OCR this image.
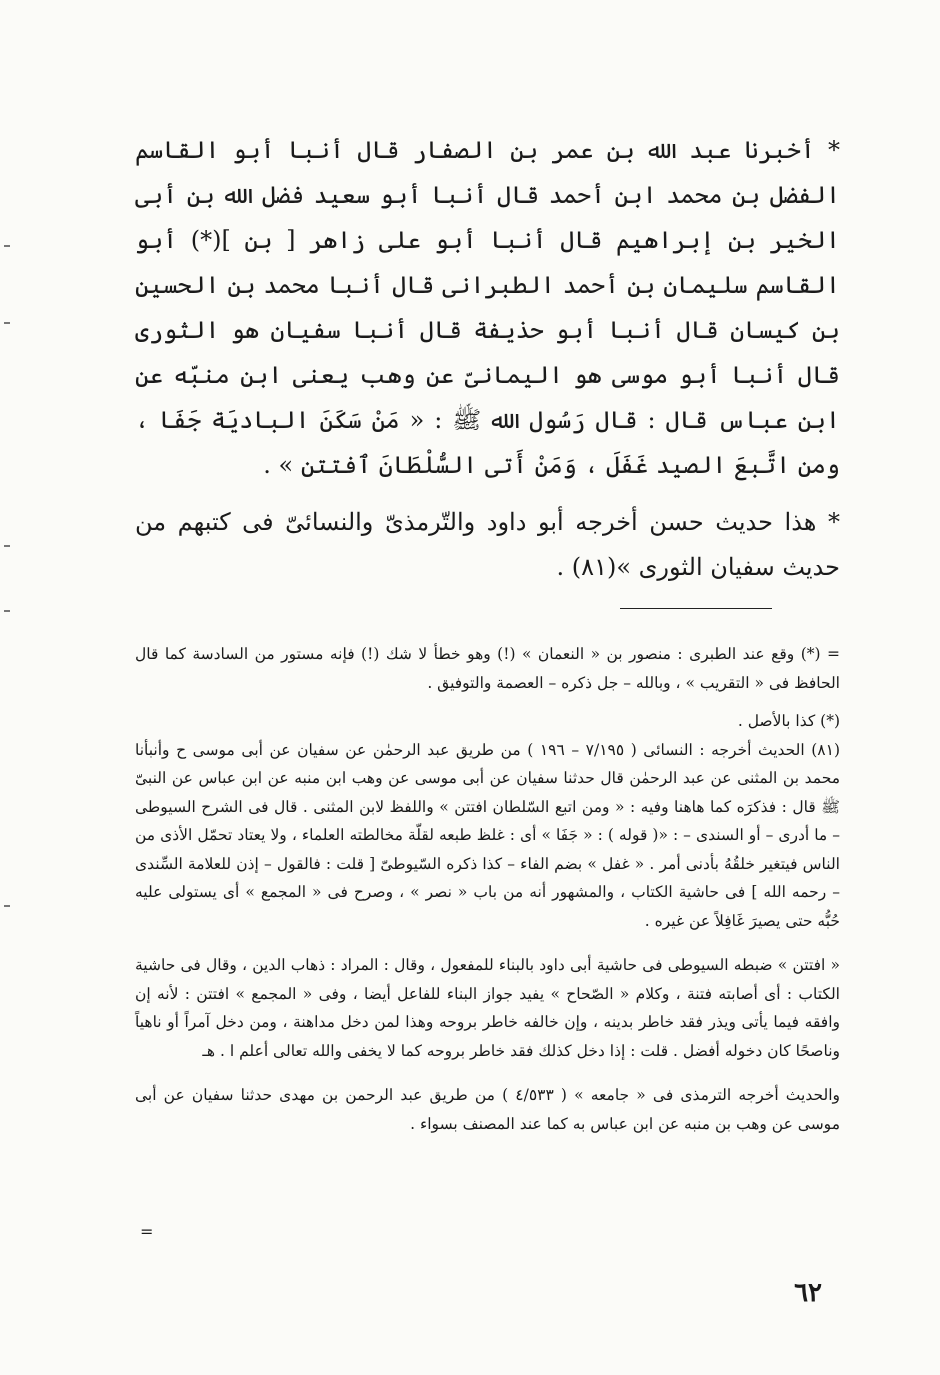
* أخبرنا عبد الله بن عمر بن الصفار قال أنبا أبو القاسم الفضل بن محمد ابن أحمد قال أنبا أبو سعيد فضل الله بن أبى الخير بن إبراهيم قال أنبا أبو على زاهر [ بن ](*) أبو القاسم سليمان بن أحمد الطبرانى قال أنبا محمد بن الحسين بن كيسان قال أنبا أبو حذيفة قال أنبا سفيان هو الثورى قال أنبا أبو موسى هو اليمانىّ عن وهب يعنى ابن منبّه عن ابن عباس قال : قال رَسُول الله ﷺ : « مَنْ سَكَنَ الباديَة جَفَا ، ومن اتَّبعَ الصيد غَفَلَ ، وَمَنْ أَتى السُّلْطَانَ ٱفتتن » .

* هذا حديث حسن أخرجه أبو داود والتّرمذىّ والنسائىّ فى كتبهم من حديث سفيان الثورى »(٨١) .

= (*) وقع عند الطبرى : منصور بن « النعمان » (!) وهو خطأ لا شك (!) فإنه مستور من السادسة كما قال الحافظ فى « التقريب » ، وبالله – جل ذكره – العصمة والتوفيق .

(*) كذا بالأصل .

(٨١) الحديث أخرجه : النسائى ( ٧/١٩٥ – ١٩٦ ) من طريق عبد الرحمٰن عن سفيان عن أبى موسى ح وأنبأنا محمد بن المثنى عن عبد الرحمٰن قال حدثنا سفيان عن أبى موسى عن وهب ابن منبه عن ابن عباس عن النبىّ ﷺ قال : فذكرَه كما هاهنا وفيه : « ومن اتبع السّلطان افتتن » واللفظ لابن المثنى . قال فى الشرح السيوطى – ما أدرى – أو السندى – : «( قوله ) : « جَفَا » أى : غلظ طبعه لقلّة مخالطته العلماء ، ولا يعتاد تحمّل الأذى من الناس فيتغير خلقُهُ بأدنى أمر . « غفل » بضم الفاء – كذا ذكره السّيوطىّ [ قلت : فالقول – إذن للعلامة السِّندى – رحمه الله ] فى حاشية الكتاب ، والمشهور أنه من باب « نصر » ، وصرح فى « المجمع » أى يستولى عليه حُبُّه حتى يصيرَ غَافِلاً عن غيره .

« افتتن » ضبطه السيوطى فى حاشية أبى داود بالبناء للمفعول ، وقال : المراد : ذهاب الدين ، وقال فى حاشية الكتاب : أى أصابته فتنة ، وكلام « الصّحاح » يفيد جواز البناء للفاعل أيضا ، وفى « المجمع » افتتن : لأنه إن وافقه فيما يأتى ويذر فقد خاطر بدينه ، وإن خالفه خاطر بروحه وهذا لمن دخل مداهنة ، ومن دخل آمراً أو ناهياً وناصحًا كان دخوله أفضل . قلت : إذا دخل كذلك فقد خاطر بروحه كما لا يخفى والله تعالى أعلم ا . هـ

والحديث أخرجه الترمذى فى « جامعه » ( ٤/٥٣٣ ) من طريق عبد الرحمن بن مهدى حدثنا سفيان عن أبى موسى عن وهب بن منبه عن ابن عباس به كما عند المصنف بسواء .

=
٦٢
